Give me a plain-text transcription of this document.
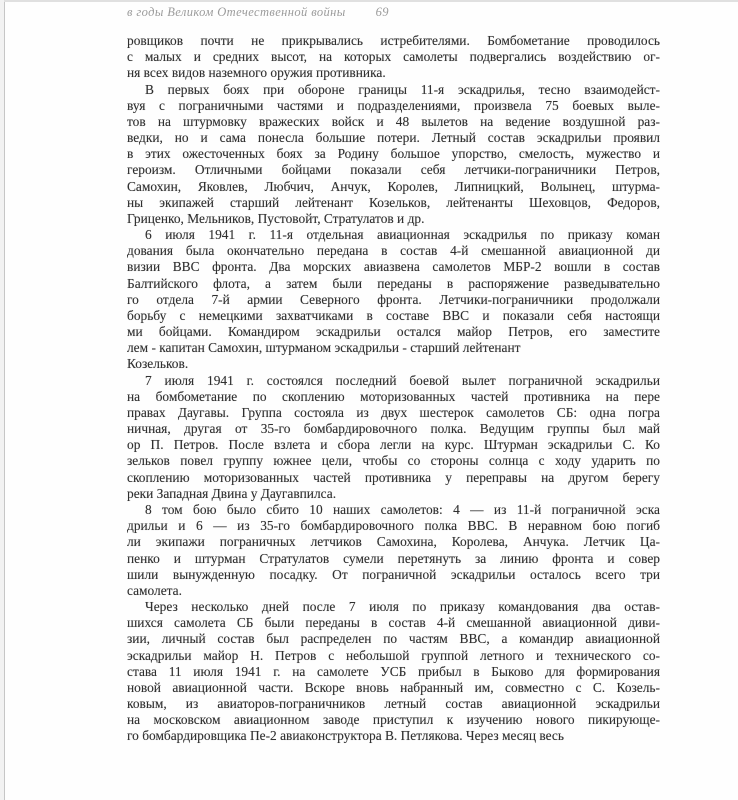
в годы Великом Отечественной войны 69
ровщиков почти не прикрывались истребителями. Бомбометание проводилось
с малых и средних высот, на которых самолеты подвергались воздействию ог-
ня всех видов наземного оружия противника.
В первых боях при обороне границы 11-я эскадрилья, тесно взаимодейст-
вуя с пограничными частями и подразделениями, произвела 75 боевых выле-
тов на штурмовку вражеских войск и 48 вылетов на ведение воздушной раз-
ведки, но и сама понесла большие потери. Летный состав эскадрильи проявил
в этих ожесточенных боях за Родину большое упорство, смелость, мужество и
героизм. Отличными бойцами показали себя летчики-пограничники Петров,
Самохин, Яковлев, Любчич, Анчук, Королев, Липницкий, Волынец, штурма-
ны экипажей старший лейтенант Козельков, лейтенанты Шеховцов, Федоров,
Гриценко, Мельников, Пустовойт, Стратулатов и др.
6 июля 1941 г. 11-я отдельная авиационная эскадрилья по приказу коман
дования была окончательно передана в состав 4-й смешанной авиационной ди
визии ВВС фронта. Два морских авиазвена самолетов МБР-2 вошли в состав
Балтийского флота, а затем были переданы в распоряжение разведывательно
го отдела 7-й армии Северного фронта. Летчики-пограничники продолжали
борьбу с немецкими захватчиками в составе ВВС и показали себя настоящи
ми бойцами. Командиром эскадрильи остался майор Петров, его заместите
лем - капитан Самохин, штурманом эскадрильи - старший лейтенант
Козельков.
7 июля 1941 г. состоялся последний боевой вылет пограничной эскадрильи
на бомбометание по скоплению моторизованных частей противника на пере
правах Даугавы. Группа состояла из двух шестерок самолетов СБ: одна погра
ничная, другая от 35-го бомбардировочного полка. Ведущим группы был май
ор П. Петров. После взлета и сбора легли на курс. Штурман эскадрильи С. Ко
зельков повел группу южнее цели, чтобы со стороны солнца с ходу ударить по
скоплению моторизованных частей противника у переправы на другом берегу
реки Западная Двина у Даугавпилса.
8 том бою было сбито 10 наших самолетов: 4 — из 11-й пограничной эска
дрильи и 6 — из 35-го бомбардировочного полка ВВС. В неравном бою погиб
ли экипажи пограничных летчиков Самохина, Королева, Анчука. Летчик Ца-
пенко и штурман Стратулатов сумели перетянуть за линию фронта и совер
шили вынужденную посадку. От пограничной эскадрильи осталось всего три
самолета.
Через несколько дней после 7 июля по приказу командования два остав-
шихся самолета СБ были переданы в состав 4-й смешанной авиационной диви-
зии, личный состав был распределен по частям ВВС, а командир авиационной
эскадрильи майор Н. Петров с небольшой группой летного и технического со-
става 11 июля 1941 г. на самолете УСБ прибыл в Быково для формирования
новой авиационной части. Вскоре вновь набранный им, совместно с С. Козель-
ковым, из авиаторов-пограничников летный состав авиационной эскадрильи
на московском авиационном заводе приступил к изучению нового пикирующе-
го бомбардировщика Пе-2 авиаконструктора В. Петлякова. Через месяц весь
